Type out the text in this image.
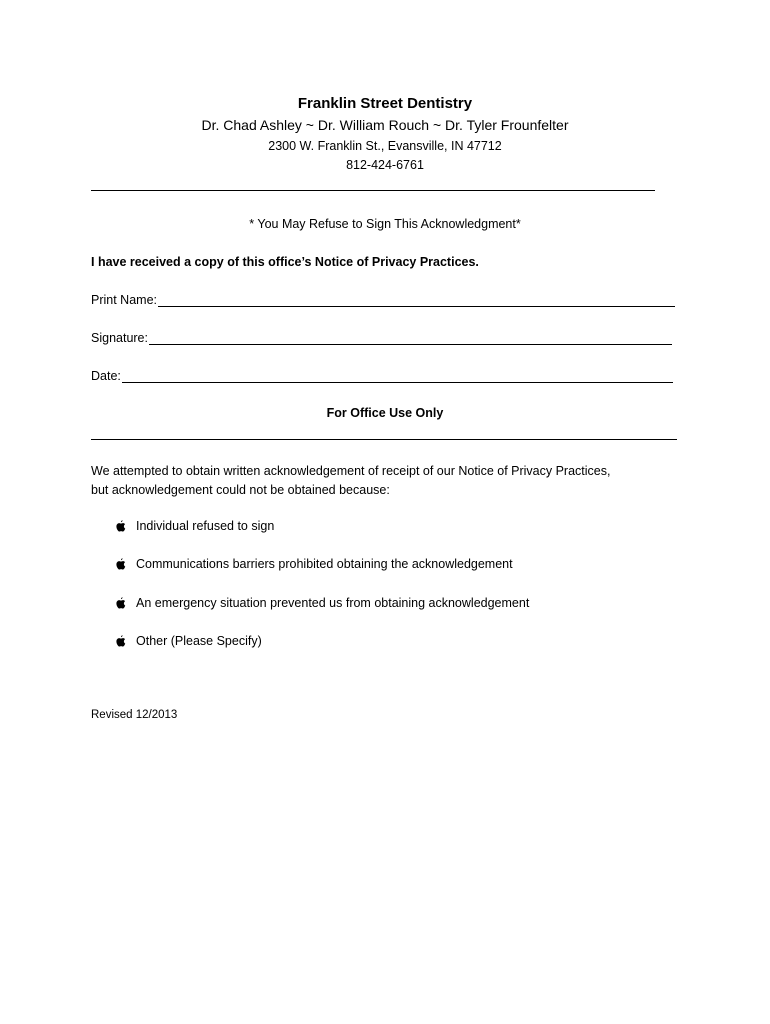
Franklin Street Dentistry
Dr. Chad Ashley ~ Dr. William Rouch ~ Dr. Tyler Frounfelter
2300 W. Franklin St., Evansville, IN 47712
812-424-6761
* You May Refuse to Sign This Acknowledgment*
I have received a copy of this office’s Notice of Privacy Practices.
Print Name:
Signature:
Date:
For Office Use Only
We attempted to obtain written acknowledgement of receipt of our Notice of Privacy Practices,
but acknowledgement could not be obtained because:
Individual refused to sign
Communications barriers prohibited obtaining the acknowledgement
An emergency situation prevented us from obtaining acknowledgement
Other (Please Specify)
Revised 12/2013
